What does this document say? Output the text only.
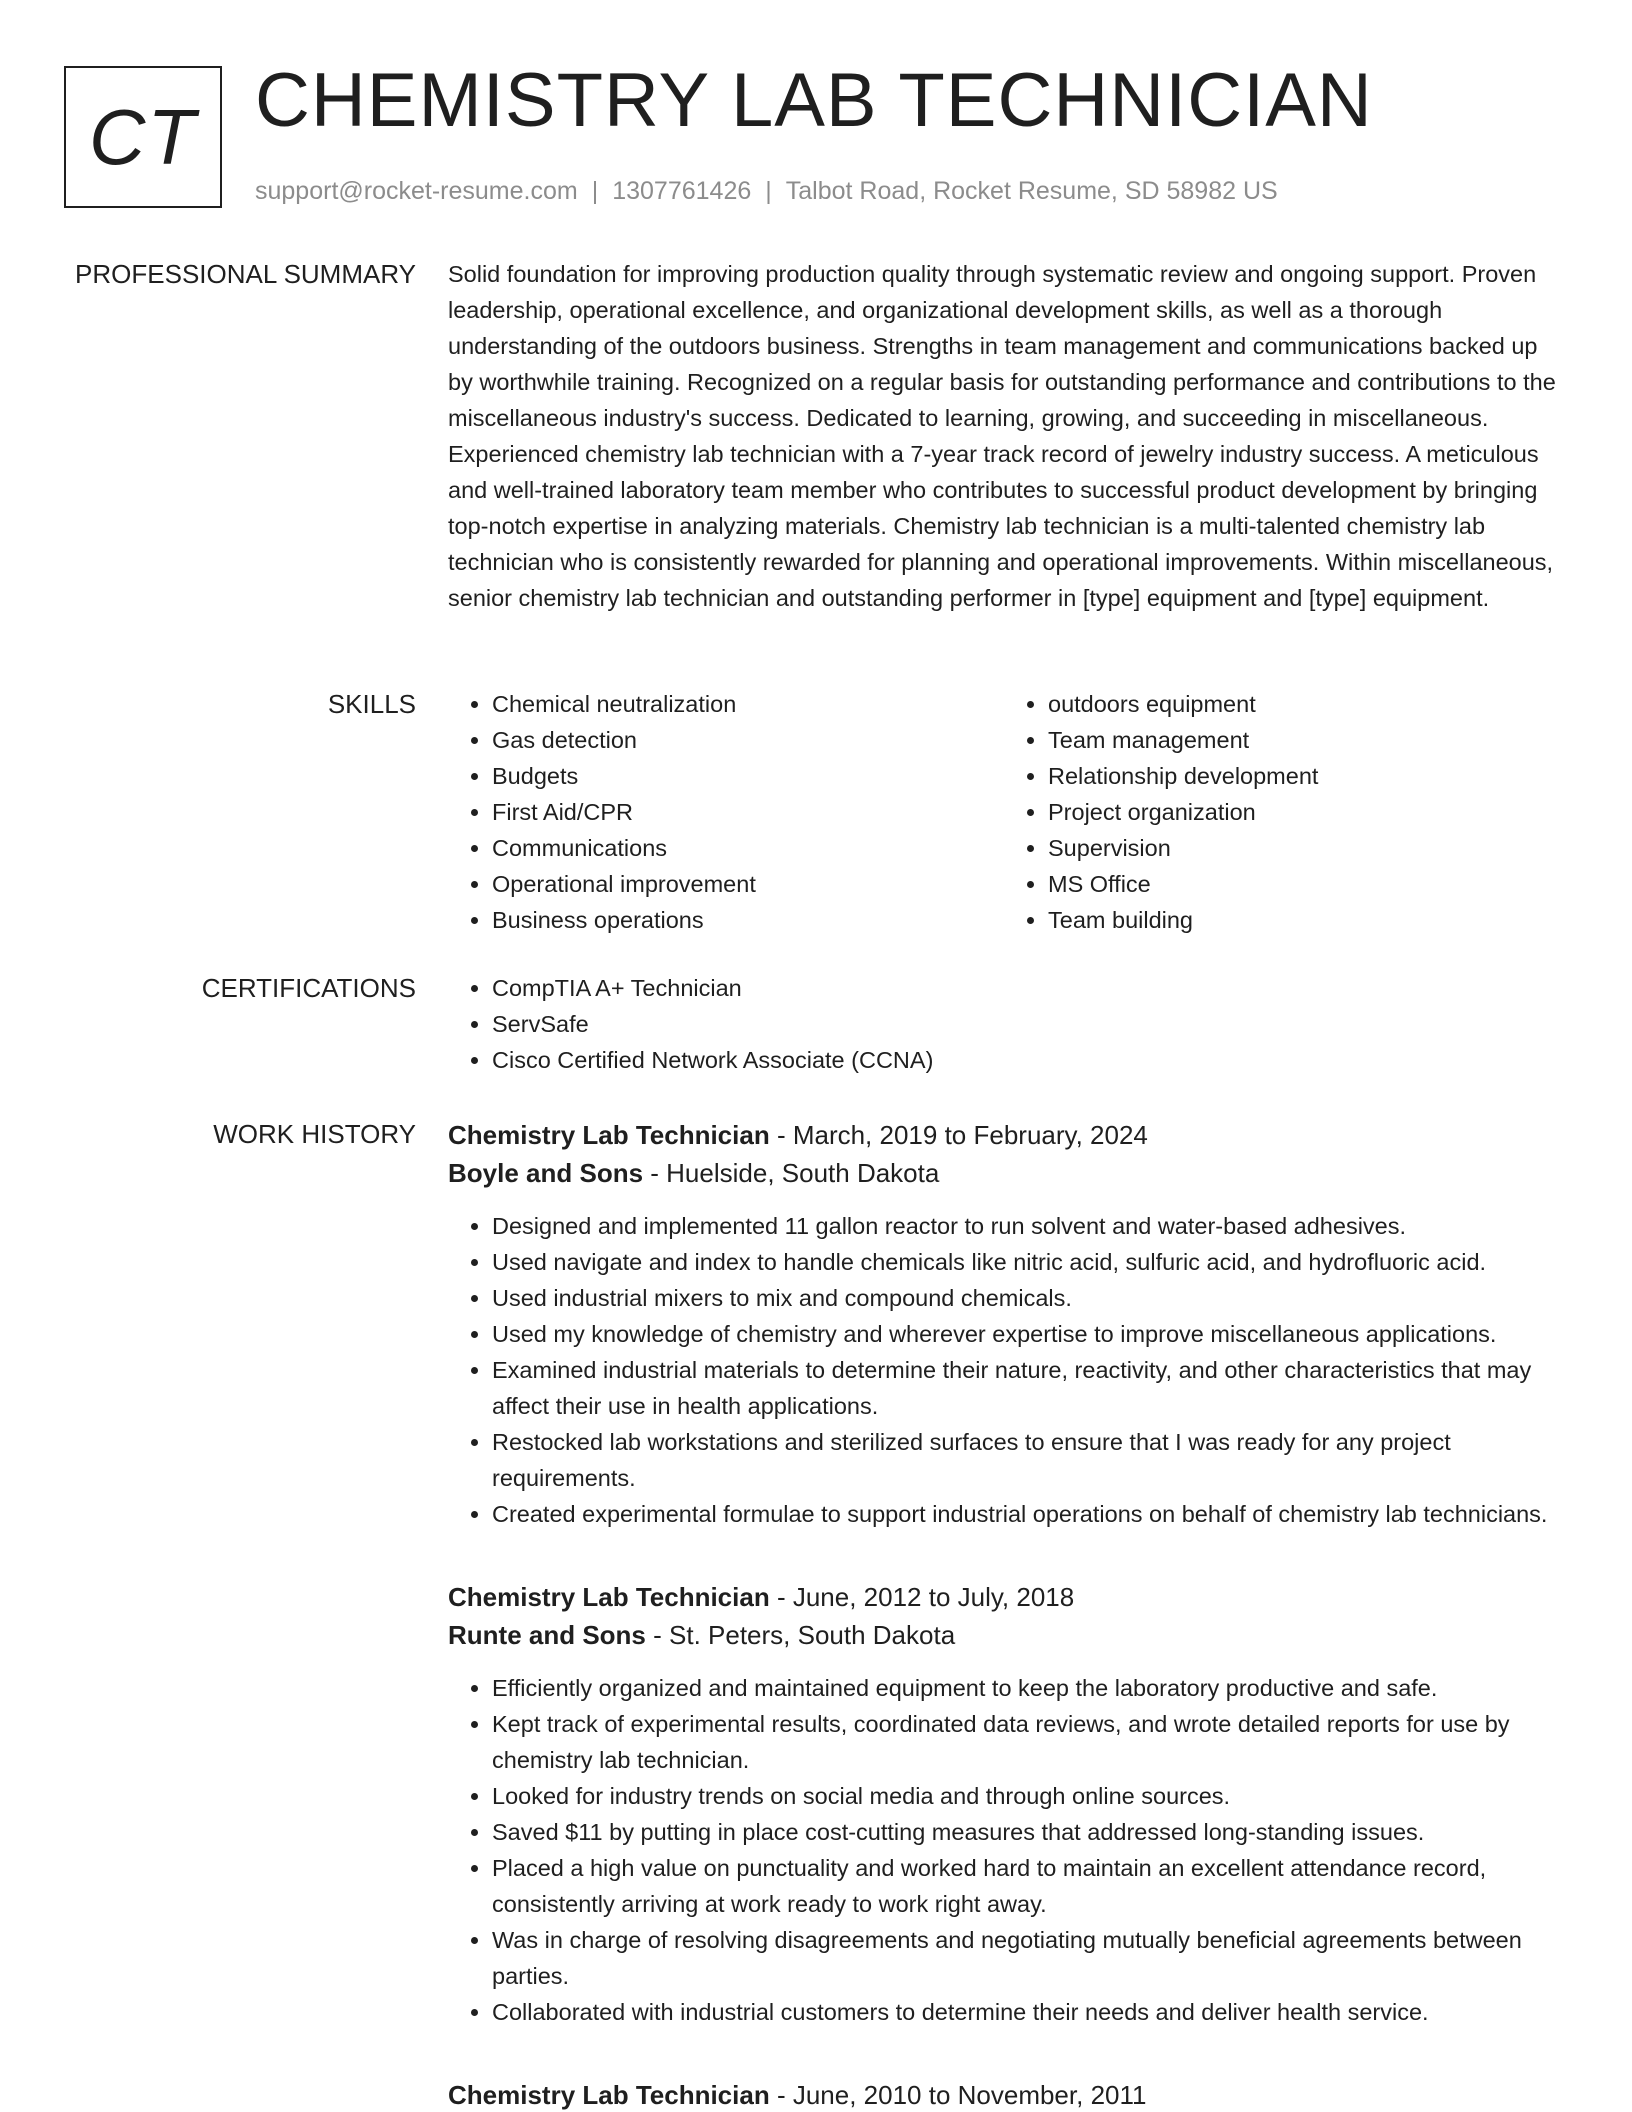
CT CHEMISTRY LAB TECHNICIAN
support@rocket-resume.com | 1307761426 | Talbot Road, Rocket Resume, SD 58982 US
PROFESSIONAL SUMMARY Solid foundation for improving production quality through systematic review and ongoing support. Proven leadership, operational excellence, and organizational development skills, as well as a thorough understanding of the outdoors business. Strengths in team management and communications backed up by worthwhile training. Recognized on a regular basis for outstanding performance and contributions to the miscellaneous industry's success. Dedicated to learning, growing, and succeeding in miscellaneous. Experienced chemistry lab technician with a 7-year track record of jewelry industry success. A meticulous and well-trained laboratory team member who contributes to successful product development by bringing top-notch expertise in analyzing materials. Chemistry lab technician is a multi-talented chemistry lab technician who is consistently rewarded for planning and operational improvements. Within miscellaneous, senior chemistry lab technician and outstanding performer in [type] equipment and [type] equipment.

SKILLS	• Chemical neutralization
• Gas detection
• Budgets
• First Aid/CPR
• Communications
• Operational improvement
• Business operations
• outdoors equipment
• Team management
• Relationship development
• Project organization
• Supervision
• MS Office
• Team building
CERTIFICATIONS	• CompTIA A+ Technician
• ServSafe
• Cisco Certified Network Associate (CCNA)
WORK HISTORY Chemistry Lab Technician - March, 2019 to February, 2024
Boyle and Sons - Huelside, South Dakota
• Designed and implemented 11 gallon reactor to run solvent and water-based adhesives.
• Used navigate and index to handle chemicals like nitric acid, sulfuric acid, and hydrofluoric acid.
• Used industrial mixers to mix and compound chemicals.
• Used my knowledge of chemistry and wherever expertise to improve miscellaneous applications.
• Examined industrial materials to determine their nature, reactivity, and other characteristics that may affect their use in health applications.
• Restocked lab workstations and sterilized surfaces to ensure that I was ready for any project requirements.
• Created experimental formulae to support industrial operations on behalf of chemistry lab technicians.
Chemistry Lab Technician - June, 2012 to July, 2018
Runte and Sons - St. Peters, South Dakota
• Efficiently organized and maintained equipment to keep the laboratory productive and safe.
• Kept track of experimental results, coordinated data reviews, and wrote detailed reports for use by chemistry lab technician.
• Looked for industry trends on social media and through online sources.
• Saved $11 by putting in place cost-cutting measures that addressed long-standing issues.
• Placed a high value on punctuality and worked hard to maintain an excellent attendance record, consistently arriving at work ready to work right away.
• Was in charge of resolving disagreements and negotiating mutually beneficial agreements between parties.
• Collaborated with industrial customers to determine their needs and deliver health service.
Chemistry Lab Technician - June, 2010 to November, 2011
